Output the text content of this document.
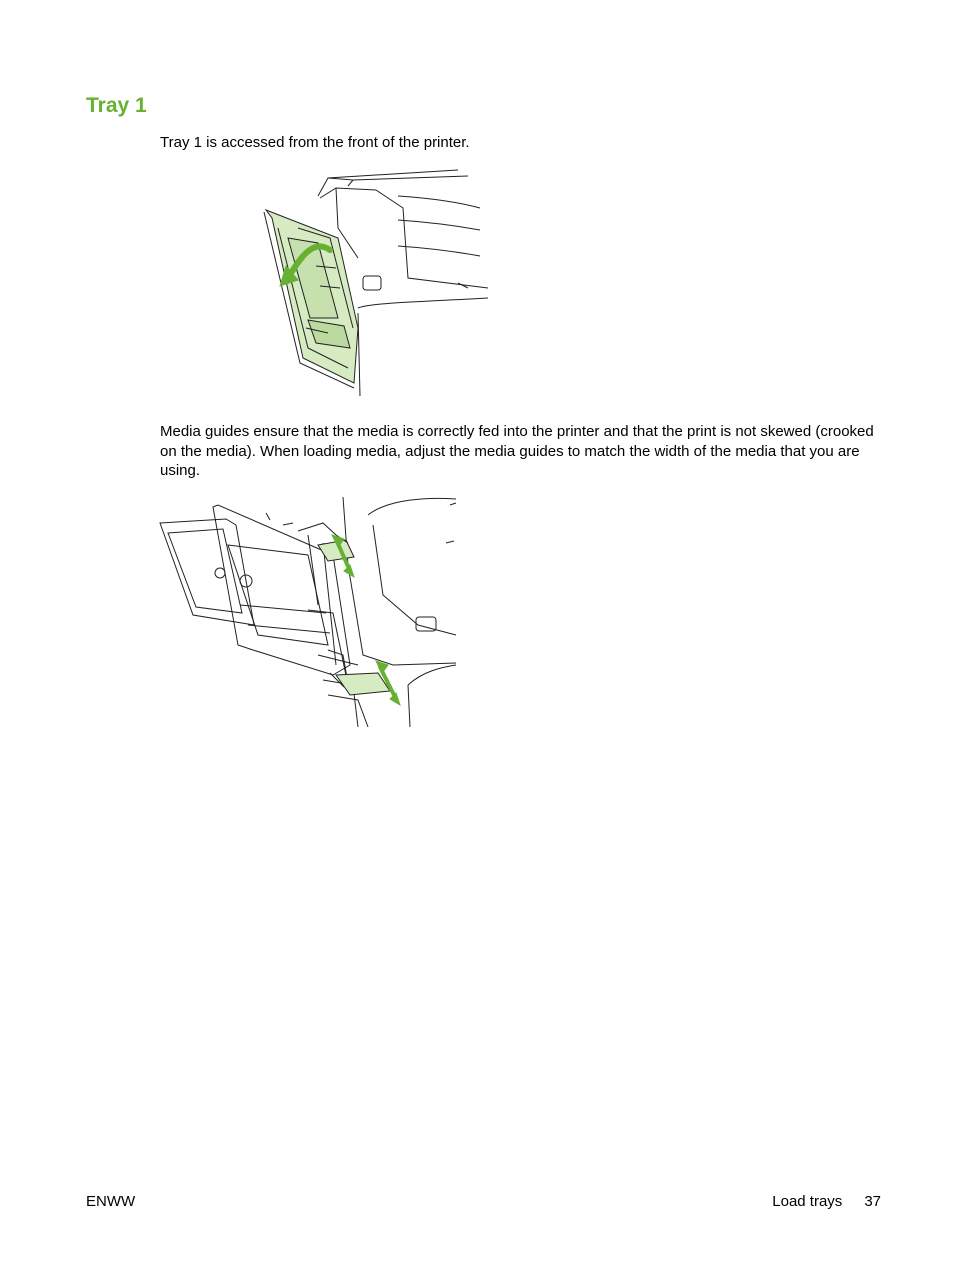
Tray 1

Tray 1 is accessed from the front of the printer.

Media guides ensure that the media is correctly fed into the printer and that the print is not skewed (crooked on the media). When loading media, adjust the media guides to match the width of the media that you are using.

ENWW	Load trays 37
